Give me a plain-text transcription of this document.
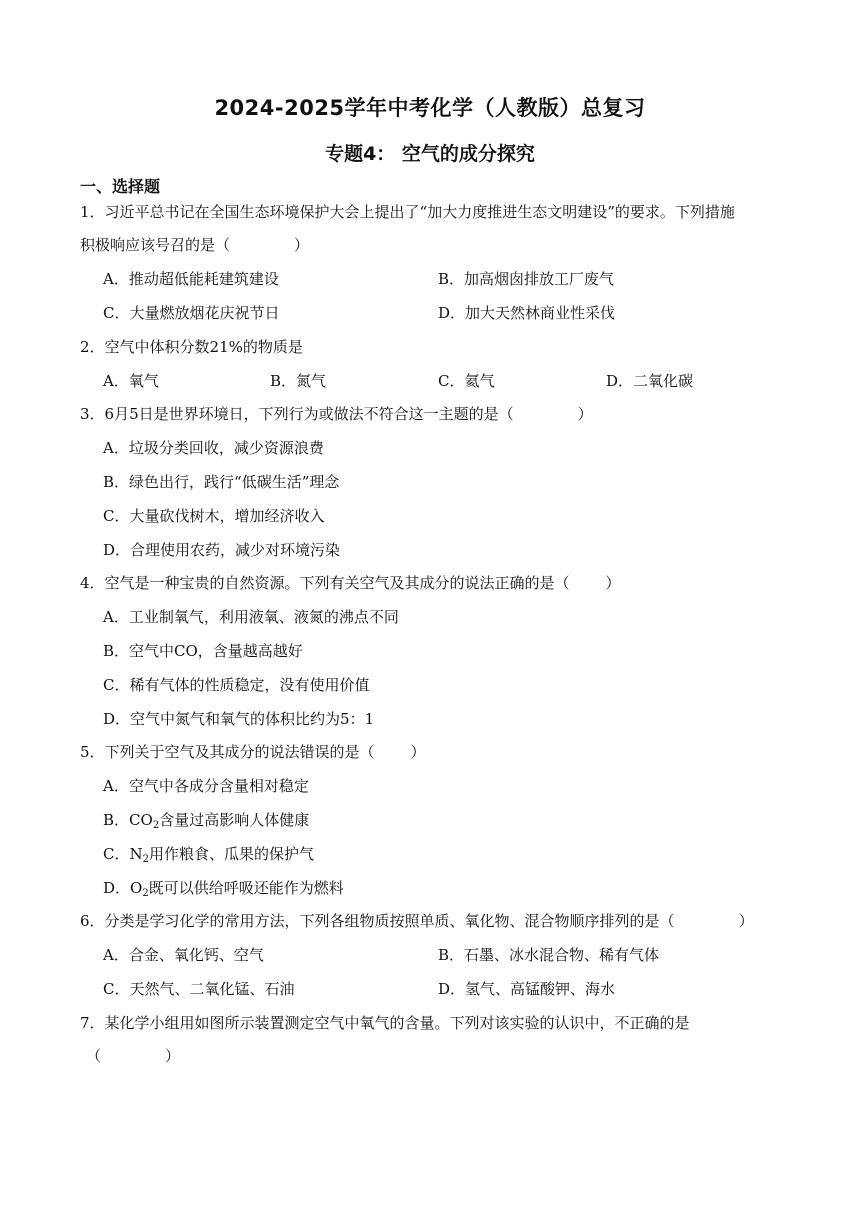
2024-2025学年中考化学（人教版）总复习
专题4： 空气的成分探究
一、选择题
1．习近平总书记在全国生态环境保护大会上提出了“加大力度推进生态文明建设”的要求。下列措施
积极响应该号召的是（	）
A．推动超低能耗建筑建设	B．加高烟囱排放工厂废气
C．大量燃放烟花庆祝节日	D．加大天然林商业性采伐
2．空气中体积分数21%的物质是
A．氧气	B．氮气	C．氦气	D．二氧化碳
3．6月5日是世界环境日，下列行为或做法不符合这一主题的是（	）
A．垃圾分类回收，减少资源浪费
B．绿色出行，践行“低碳生活”理念
C．大量砍伐树木，增加经济收入
D．合理使用农药，减少对环境污染
4．空气是一种宝贵的自然资源。下列有关空气及其成分的说法正确的是（ ）
A．工业制氧气，利用液氧、液氮的沸点不同
B．空气中CO，含量越高越好
C．稀有气体的性质稳定，没有使用价值
D．空气中氮气和氧气的体积比约为5：1
5．下列关于空气及其成分的说法错误的是（ ）
A．空气中各成分含量相对稳定
B．$CO_2$含量过高影响人体健康
C．$N_2$用作粮食、瓜果的保护气
D．$O_2$既可以供给呼吸还能作为燃料
6．分类是学习化学的常用方法，下列各组物质按照单质、氧化物、混合物顺序排列的是（	）
A．合金、氧化钙、空气	B．石墨、冰水混合物、稀有气体
C．天然气、二氧化锰、石油	D．氢气、高锰酸钾、海水
7．某化学小组用如图所示装置测定空气中氧气的含量。下列对该实验的认识中，不正确的是
（	）
